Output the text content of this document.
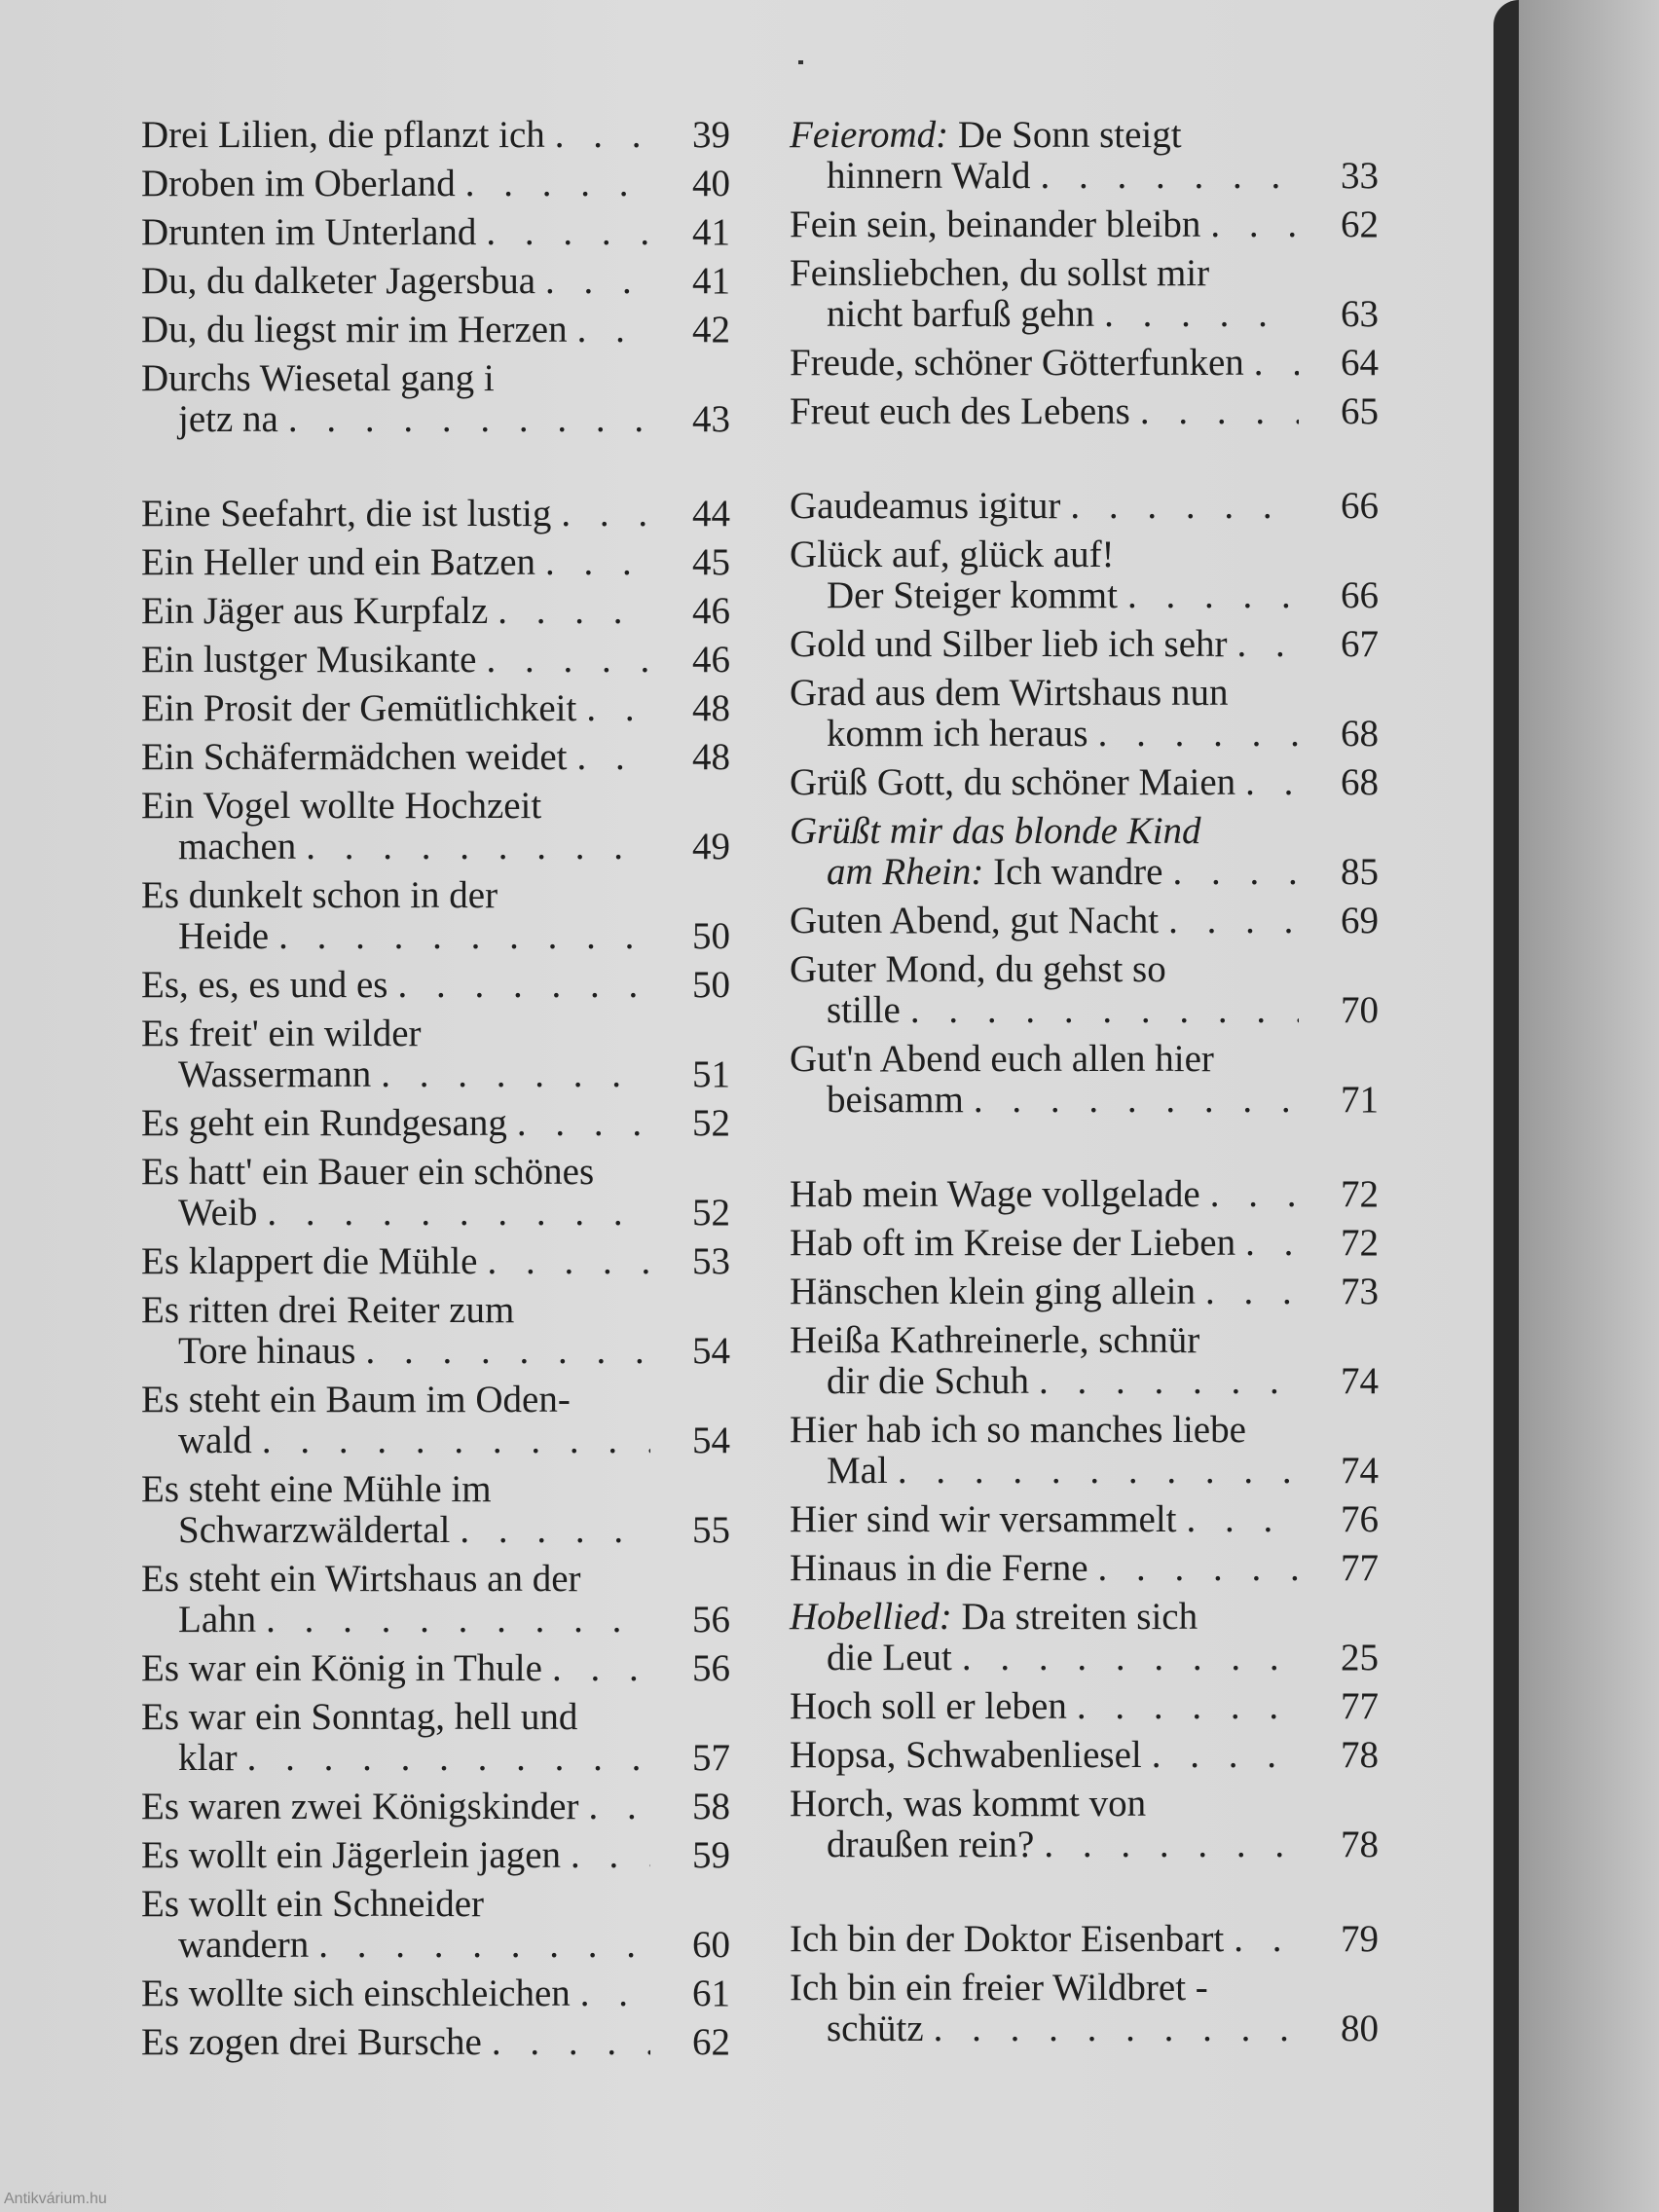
Drei Lilien, die pflanzt ich . . .	39
Droben im Oberland . . .	40
Drunten im Unterland . . .	41
Du, du dalketer Jagersbua . . .	41
Du, du liegst mir im Herzen . . .	42
Durchs Wiesetal gang i
jetz na . . .	43
Eine Seefahrt, die ist lustig . . .	44
Ein Heller und ein Batzen . . .	45
Ein Jäger aus Kurpfalz . . .	46
Ein lustger Musikante . . .	46
Ein Prosit der Gemütlichkeit . . .	48
Ein Schäfermädchen weidet . . .	48
Ein Vogel wollte Hochzeit
machen . . .	49
Es dunkelt schon in der
Heide . . .	50
Es, es, es und es . . .	50
Es freit' ein wilder
Wassermann . . .	51
Es geht ein Rundgesang . . .	52
Es hatt' ein Bauer ein schönes
Weib . . .	52
Es klappert die Mühle . . .	53
Es ritten drei Reiter zum
Tore hinaus . . .	54
Es steht ein Baum im Oden-
wald . . .	54
Es steht eine Mühle im
Schwarzwäldertal . . .	55
Es steht ein Wirtshaus an der
Lahn . . .	56
Es war ein König in Thule . . .	56
Es war ein Sonntag, hell und
klar . . .	57
Es waren zwei Königskinder . . .	58
Es wollt ein Jägerlein jagen . . .	59
Es wollt ein Schneider
wandern . . .	60
Es wollte sich einschleichen . . .	61
Es zogen drei Bursche . . .	62
Feieromd: De Sonn steigt
hinnern Wald . . .	33
Fein sein, beinander bleibn . . .	62
Feinsliebchen, du sollst mir
nicht barfuß gehn . . .	63
Freude, schöner Götterfunken . . .	64
Freut euch des Lebens . . .	65
Gaudeamus igitur . . .	66
Glück auf, glück auf!
Der Steiger kommt . . .	66
Gold und Silber lieb ich sehr . . .	67
Grad aus dem Wirtshaus nun
komm ich heraus . . .	68
Grüß Gott, du schöner Maien . . .	68
Grüßt mir das blonde Kind
am Rhein: Ich wandre . . .	85
Guten Abend, gut Nacht . . .	69
Guter Mond, du gehst so
stille . . .	70
Gut'n Abend euch allen hier
beisamm . . .	71
Hab mein Wage vollgelade . . .	72
Hab oft im Kreise der Lieben . . .	72
Hänschen klein ging allein . . .	73
Heißa Kathreinerle, schnür
dir die Schuh . . .	74
Hier hab ich so manches liebe
Mal . . .	74
Hier sind wir versammelt . . .	76
Hinaus in die Ferne . . .	77
Hobellied: Da streiten sich
die Leut . . .	25
Hoch soll er leben . . .	77
Hopsa, Schwabenliesel . . .	78
Horch, was kommt von
draußen rein? . . .	78
Ich bin der Doktor Eisenbart . . .	79
Ich bin ein freier Wildbret -
schütz . . .	80
Antikvárium.hu
